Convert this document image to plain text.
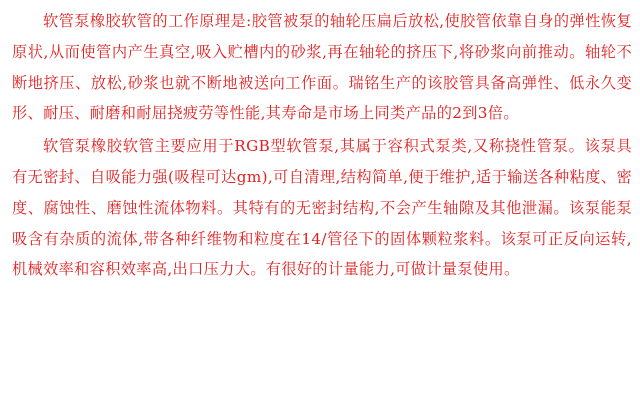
软管泵橡胶软管的工作原理是:胶管被泵的轴轮压扁后放松,使胶管依靠自身的弹性恢复原状,从而使管内产生真空,吸入贮槽内的砂浆,再在轴轮的挤压下,将砂浆向前推动。轴轮不断地挤压、放松,砂浆也就不断地被送向工作面。瑞铭生产的该胶管具备高弹性、低永久变形、耐压、耐磨和耐屈挠疲劳等性能,其寿命是市场上同类产品的2到3倍。

软管泵橡胶软管主要应用于RGB型软管泵,其属于容积式泵类,又称挠性管泵。该泵具有无密封、自吸能力强(吸程可达gm),可自清理,结构简单,便于维护,适于输送各种粘度、密度、腐蚀性、磨蚀性流体物料。其特有的无密封结构,不会产生轴隙及其他泄漏。该泵能泵吸含有杂质的流体,带各种纤维物和粒度在14/管径下的固体颗粒浆料。该泵可正反向运转,机械效率和容积效率高,出口压力大。有很好的计量能力,可做计量泵使用。
